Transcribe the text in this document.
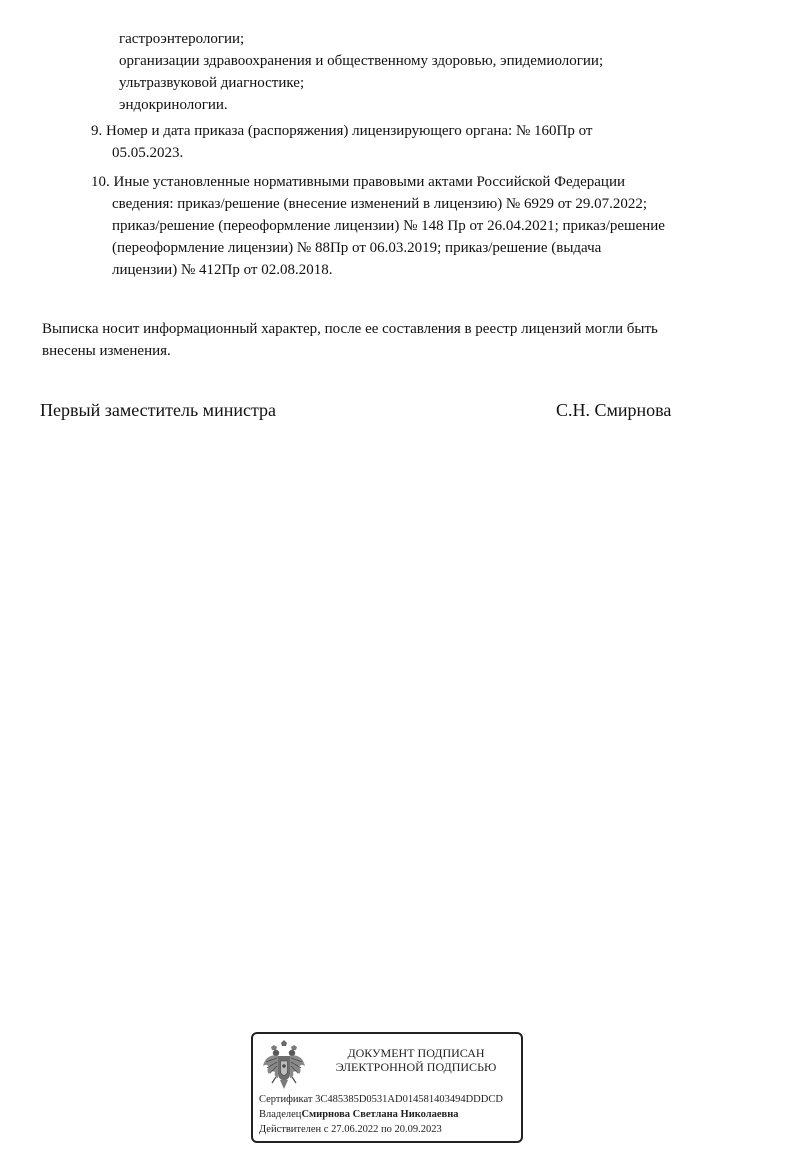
гастроэнтерологии;

организации здравоохранения и общественному здоровью, эпидемиологии;

ультразвуковой диагностике;

эндокринологии.

9. Номер и дата приказа (распоряжения) лицензирующего органа: № 160Пр от

05.05.2023.

10. Иные установленные нормативными правовыми актами Российской Федерации

сведения: приказ/решение (внесение изменений в лицензию) № 6929 от 29.07.2022;

приказ/решение (переоформление лицензии) № 148 Пр от 26.04.2021; приказ/решение

(переоформление лицензии) № 88Пр от 06.03.2019; приказ/решение (выдача

лицензии) № 412Пр от 02.08.2018.

Выписка носит информационный характер, после ее составления в реестр лицензий могли быть

внесены изменения.

Первый заместитель министра	С.Н. Смирнова
ДОКУМЕНТ ПОДПИСАН
ЭЛЕКТРОННОЙ ПОДПИСЬЮ
Сертификат 3C485385D0531AD014581403494DDDCD
ВладелецСмирнова Светлана Николаевна
Действителен с 27.06.2022 по 20.09.2023
